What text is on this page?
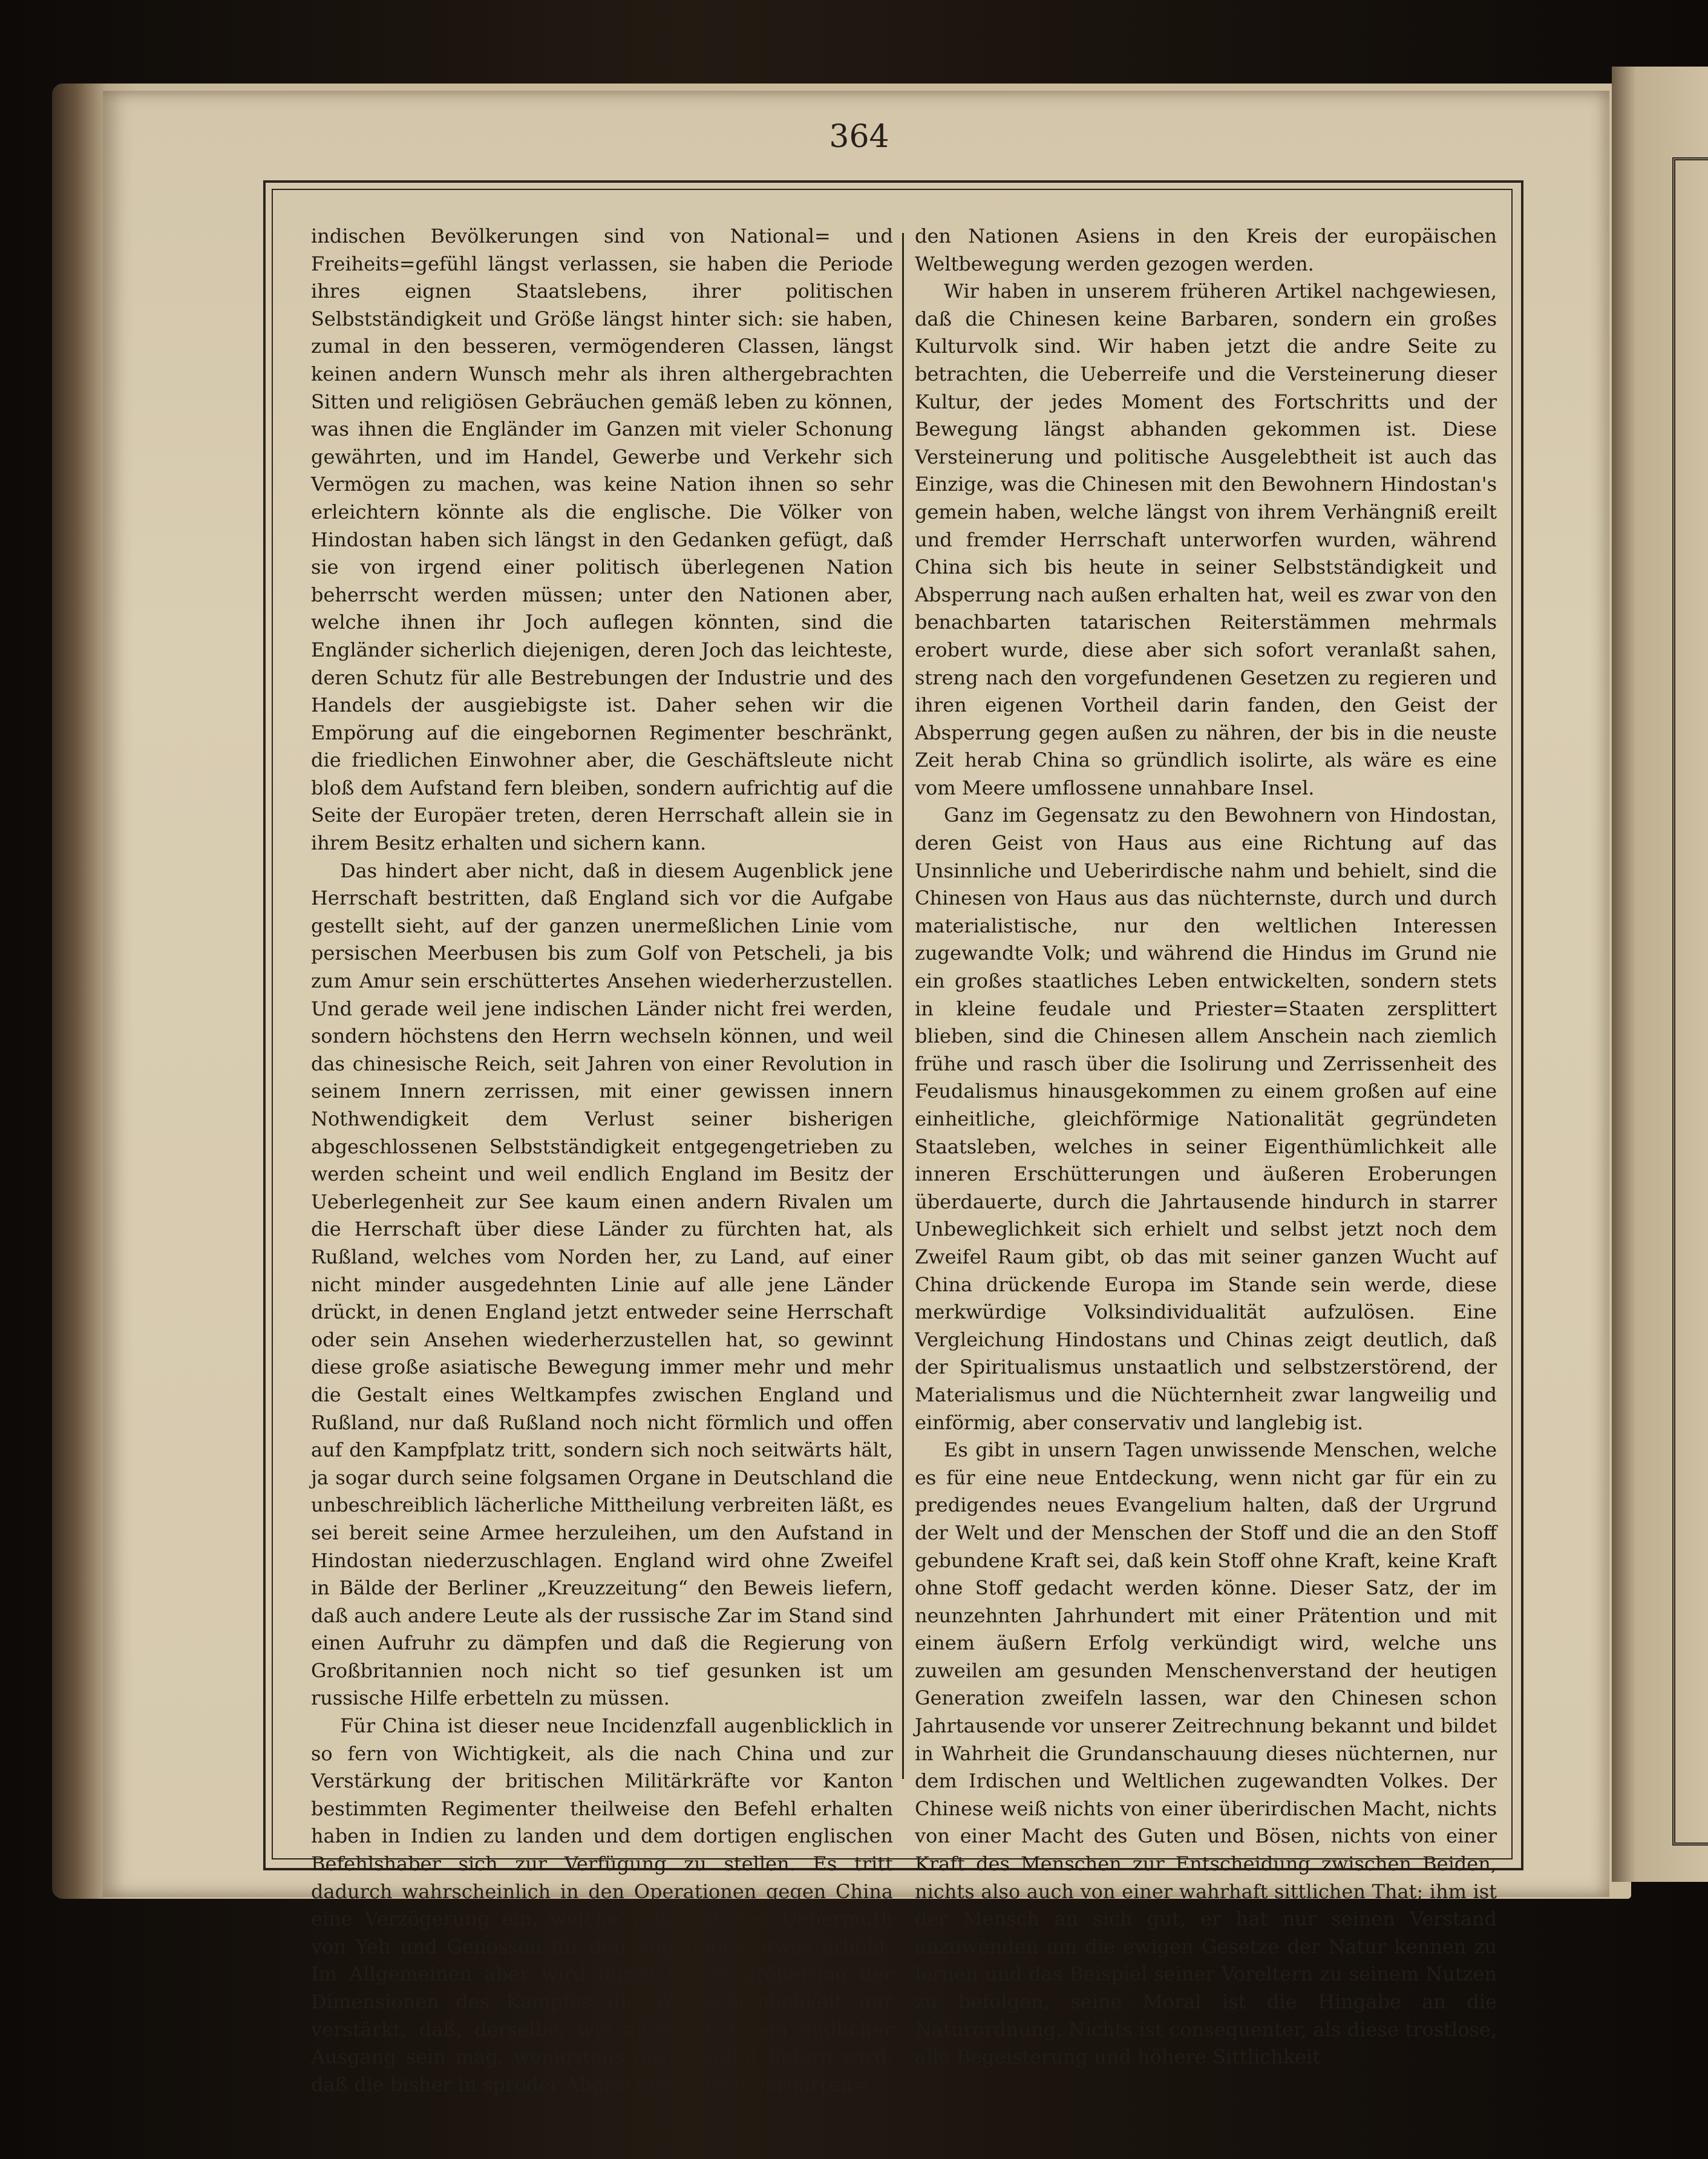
364

indischen Bevölkerungen sind von National= und Freiheits=gefühl längst verlassen, sie haben die Periode ihres eignen Staatslebens, ihrer politischen Selbstständigkeit und Größe längst hinter sich: sie haben, zumal in den besseren, vermögenderen Classen, längst keinen andern Wunsch mehr als ihren althergebrachten Sitten und religiösen Gebräuchen gemäß leben zu können, was ihnen die Engländer im Ganzen mit vieler Schonung gewährten, und im Handel, Gewerbe und Verkehr sich Vermögen zu machen, was keine Nation ihnen so sehr erleichtern könnte als die englische. Die Völker von Hindostan haben sich längst in den Gedanken gefügt, daß sie von irgend einer politisch überlegenen Nation beherrscht werden müssen; unter den Nationen aber, welche ihnen ihr Joch auflegen könnten, sind die Engländer sicherlich diejenigen, deren Joch das leichteste, deren Schutz für alle Bestrebungen der Industrie und des Handels der ausgiebigste ist. Daher sehen wir die Empörung auf die eingebornen Regimenter beschränkt, die friedlichen Einwohner aber, die Geschäftsleute nicht bloß dem Aufstand fern bleiben, sondern aufrichtig auf die Seite der Europäer treten, deren Herrschaft allein sie in ihrem Besitz erhalten und sichern kann.

Das hindert aber nicht, daß in diesem Augenblick jene Herrschaft bestritten, daß England sich vor die Aufgabe gestellt sieht, auf der ganzen unermeßlichen Linie vom persischen Meerbusen bis zum Golf von Petscheli, ja bis zum Amur sein erschüttertes Ansehen wiederherzustellen. Und gerade weil jene indischen Länder nicht frei werden, sondern höchstens den Herrn wechseln können, und weil das chinesische Reich, seit Jahren von einer Revolution in seinem Innern zerrissen, mit einer gewissen innern Nothwendigkeit dem Verlust seiner bisherigen abgeschlossenen Selbstständigkeit entgegengetrieben zu werden scheint und weil endlich England im Besitz der Ueberlegenheit zur See kaum einen andern Rivalen um die Herrschaft über diese Länder zu fürchten hat, als Rußland, welches vom Norden her, zu Land, auf einer nicht minder ausgedehnten Linie auf alle jene Länder drückt, in denen England jetzt entweder seine Herrschaft oder sein Ansehen wiederherzustellen hat, so gewinnt diese große asiatische Bewegung immer mehr und mehr die Gestalt eines Weltkampfes zwischen England und Rußland, nur daß Rußland noch nicht förmlich und offen auf den Kampfplatz tritt, sondern sich noch seitwärts hält, ja sogar durch seine folgsamen Organe in Deutschland die unbeschreiblich lächerliche Mittheilung verbreiten läßt, es sei bereit seine Armee herzuleihen, um den Aufstand in Hindostan niederzuschlagen. England wird ohne Zweifel in Bälde der Berliner „Kreuzzeitung“ den Beweis liefern, daß auch andere Leute als der russische Zar im Stand sind einen Aufruhr zu dämpfen und daß die Regierung von Großbritannien noch nicht so tief gesunken ist um russische Hilfe erbetteln zu müssen.

Für China ist dieser neue Incidenzfall augenblicklich in so fern von Wichtigkeit, als die nach China und zur Verstärkung der britischen Militärkräfte vor Kanton bestimmten Regimenter theilweise den Befehl erhalten haben in Indien zu landen und dem dortigen englischen Befehlshaber sich zur Verfügung zu stellen. Es tritt dadurch wahrscheinlich in den Operationen gegen China eine Verzögerung ein, welche vielleicht den Uebermuth von Yeh und Genossen für den Augenblick etwas erhöht. Im Allgemeinen aber wird durch die Vergrößerung der Dimensionen des Kampfes die Wahrscheinlichkeit nur verstärkt, daß, derselbe, wie auch sonst sein endlicher Ausgang sein mag, wenigstens das Resultat liefern wird, daß die bisher in spröder Abgeschlossenheit verharren=

den Nationen Asiens in den Kreis der europäischen Weltbewegung werden gezogen werden.

Wir haben in unserem früheren Artikel nachgewiesen, daß die Chinesen keine Barbaren, sondern ein großes Kulturvolk sind. Wir haben jetzt die andre Seite zu betrachten, die Ueberreife und die Versteinerung dieser Kultur, der jedes Moment des Fortschritts und der Bewegung längst abhanden gekommen ist. Diese Versteinerung und politische Ausgelebtheit ist auch das Einzige, was die Chinesen mit den Bewohnern Hindostan's gemein haben, welche längst von ihrem Verhängniß ereilt und fremder Herrschaft unterworfen wurden, während China sich bis heute in seiner Selbstständigkeit und Absperrung nach außen erhalten hat, weil es zwar von den benachbarten tatarischen Reiterstämmen mehrmals erobert wurde, diese aber sich sofort veranlaßt sahen, streng nach den vorgefundenen Gesetzen zu regieren und ihren eigenen Vortheil darin fanden, den Geist der Absperrung gegen außen zu nähren, der bis in die neuste Zeit herab China so gründlich isolirte, als wäre es eine vom Meere umflossene unnahbare Insel.

Ganz im Gegensatz zu den Bewohnern von Hindostan, deren Geist von Haus aus eine Richtung auf das Unsinnliche und Ueberirdische nahm und behielt, sind die Chinesen von Haus aus das nüchternste, durch und durch materialistische, nur den weltlichen Interessen zugewandte Volk; und während die Hindus im Grund nie ein großes staatliches Leben entwickelten, sondern stets in kleine feudale und Priester=Staaten zersplittert blieben, sind die Chinesen allem Anschein nach ziemlich frühe und rasch über die Isolirung und Zerrissenheit des Feudalismus hinausgekommen zu einem großen auf eine einheitliche, gleichförmige Nationalität gegründeten Staatsleben, welches in seiner Eigenthümlichkeit alle inneren Erschütterungen und äußeren Eroberungen überdauerte, durch die Jahrtausende hindurch in starrer Unbeweglichkeit sich erhielt und selbst jetzt noch dem Zweifel Raum gibt, ob das mit seiner ganzen Wucht auf China drückende Europa im Stande sein werde, diese merkwürdige Volksindividualität aufzulösen. Eine Vergleichung Hindostans und Chinas zeigt deutlich, daß der Spiritualismus unstaatlich und selbstzerstörend, der Materialismus und die Nüchternheit zwar langweilig und einförmig, aber conservativ und langlebig ist.

Es gibt in unsern Tagen unwissende Menschen, welche es für eine neue Entdeckung, wenn nicht gar für ein zu predigendes neues Evangelium halten, daß der Urgrund der Welt und der Menschen der Stoff und die an den Stoff gebundene Kraft sei, daß kein Stoff ohne Kraft, keine Kraft ohne Stoff gedacht werden könne. Dieser Satz, der im neunzehnten Jahrhundert mit einer Prätention und mit einem äußern Erfolg verkündigt wird, welche uns zuweilen am gesunden Menschenverstand der heutigen Generation zweifeln lassen, war den Chinesen schon Jahrtausende vor unserer Zeitrechnung bekannt und bildet in Wahrheit die Grundanschauung dieses nüchternen, nur dem Irdischen und Weltlichen zugewandten Volkes. Der Chinese weiß nichts von einer überirdischen Macht, nichts von einer Macht des Guten und Bösen, nichts von einer Kraft des Menschen zur Entscheidung zwischen Beiden, nichts also auch von einer wahrhaft sittlichen That; ihm ist der Mensch an sich gut, er hat nur seinen Verstand anzuwenden um die ewigen Gesetze der Natur kennen zu lernen und das Beispiel seiner Voreltern zu seinem Nutzen zu befolgen, seine Moral ist die Hingabe an die Naturordnung. Nichts ist consequenter, als diese trostlose, alle Begeisterung und höhere Sittlichkeit
